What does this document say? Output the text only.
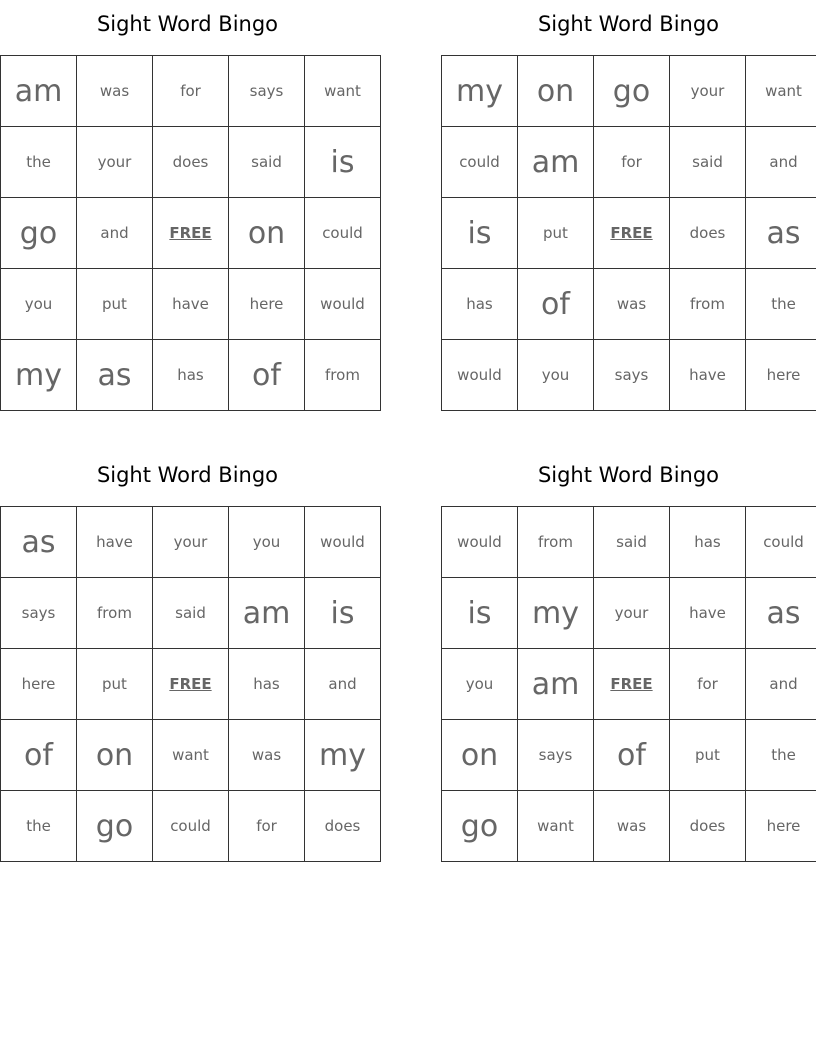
Sight Word Bingo
am	was	for	says	want
the	your	does	said	is
go	and	FREE	on	could
you	put	have	here	would
my	as	has	of	from
Sight Word Bingo
my	on	go	your	want
could	am	for	said	and
is	put	FREE	does	as
has	of	was	from	the
would	you	says	have	here
Sight Word Bingo
as	have	your	you	would
says	from	said	am	is
here	put	FREE	has	and
of	on	want	was	my
the	go	could	for	does
Sight Word Bingo
would	from	said	has	could
is	my	your	have	as
you	am	FREE	for	and
on	says	of	put	the
go	want	was	does	here
